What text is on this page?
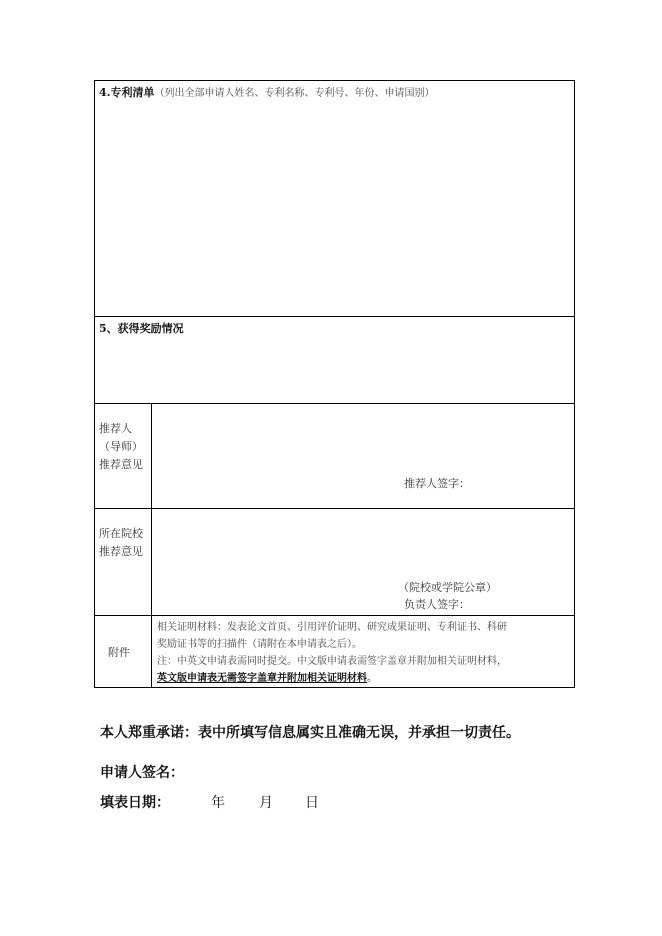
4.专利清单（列出全部申请人姓名、专利名称、专利号、年份、申请国别）
5、获得奖励情况
推荐人（导师）推荐意见
推荐人签字：
所在院校推荐意见
（院校或学院公章）
负责人签字：
附件
相关证明材料：发表论文首页、引用评价证明、研究成果证明、专利证书、科研
奖励证书等的扫描件（请附在本申请表之后）。
注：中英文申请表需同时提交。中文版申请表需签字盖章并附加相关证明材料，
英文版申请表无需签字盖章并附加相关证明材料。
本人郑重承诺：表中所填写信息属实且准确无误，并承担一切责任。
申请人签名：
填表日期：	年 月 日
